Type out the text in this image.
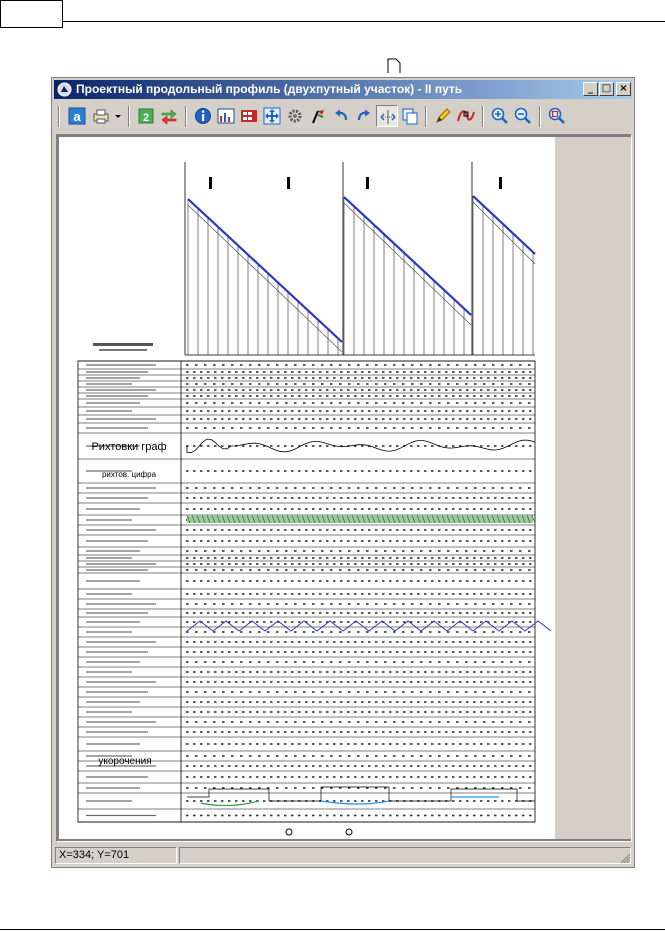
Проектный продольный профиль (двухпутный участок) - II путь	_ □ ×
a	2
Рихтовки граф
рихтов. цифра
укорочения
X=334; Y=701
